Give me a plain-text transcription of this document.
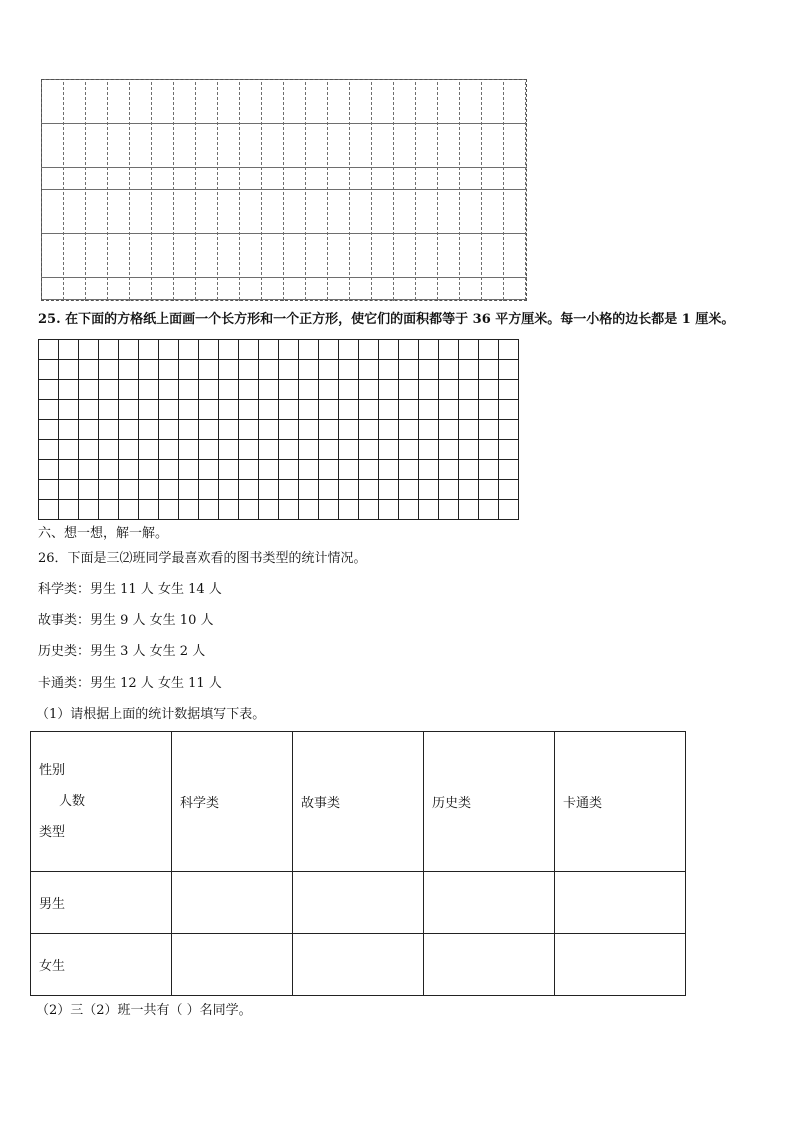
25. 在下面的方格纸上面画一个长方形和一个正方形，使它们的面积都等于 36 平方厘米。每一小格的边长都是 1 厘米。
六、想一想，解一解。
26．下面是三⑵班同学最喜欢看的图书类型的统计情况。
科学类：男生 11 人 女生 14 人
故事类：男生 9 人 女生 10 人
历史类：男生 3 人 女生 2 人
卡通类：男生 12 人 女生 11 人
（1）请根据上面的统计数据填写下表。
性别
人数
类型	科学类	故事类	历史类	卡通类
男生				
女生				
（2）三（2）班一共有（ ）名同学。
